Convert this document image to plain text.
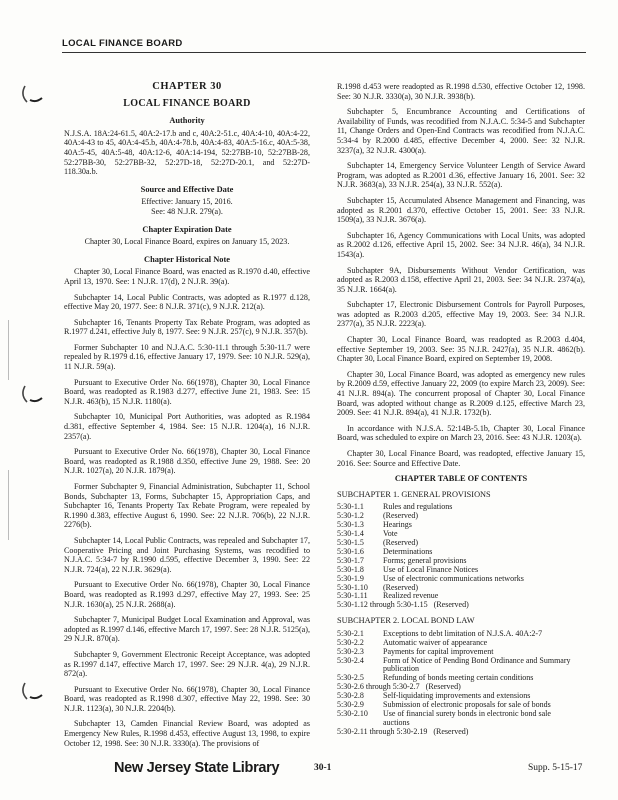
LOCAL FINANCE BOARD
CHAPTER 30
LOCAL FINANCE BOARD
Authority

N.J.S.A. 18A:24-61.5, 40A:2-17.b and c, 40A:2-51.c, 40A:4-10, 40A:4-22, 40A:4-43 to 45, 40A:4-45.b, 40A:4-78.b, 40A:4-83, 40A:5-16.c, 40A:5-38, 40A:5-45, 40A:5-48, 40A:12-6, 40A:14-194, 52:27BB-10, 52:27BB-28, 52:27BB-30, 52:27BB-32, 52:27D-18, 52:27D-20.1, and 52:27D-118.30a.b.

Source and Effective Date
Effective: January 15, 2016.
See: 48 N.J.R. 279(a).
Chapter Expiration Date
Chapter 30, Local Finance Board, expires on January 15, 2023.
Chapter Historical Note

Chapter 30, Local Finance Board, was enacted as R.1970 d.40, effective April 13, 1970. See: 1 N.J.R. 17(d), 2 N.J.R. 39(a).

Subchapter 14, Local Public Contracts, was adopted as R.1977 d.128, effective May 20, 1977. See: 8 N.J.R. 371(c), 9 N.J.R. 212(a).

Subchapter 16, Tenants Property Tax Rebate Program, was adopted as R.1977 d.241, effective July 8, 1977. See: 9 N.J.R. 257(c), 9 N.J.R. 357(b).

Former Subchapter 10 and N.J.A.C. 5:30-11.1 through 5:30-11.7 were repealed by R.1979 d.16, effective January 17, 1979. See: 10 N.J.R. 529(a), 11 N.J.R. 59(a).

Pursuant to Executive Order No. 66(1978), Chapter 30, Local Finance Board, was readopted as R.1983 d.277, effective June 21, 1983. See: 15 N.J.R. 463(b), 15 N.J.R. 1180(a).

Subchapter 10, Municipal Port Authorities, was adopted as R.1984 d.381, effective September 4, 1984. See: 15 N.J.R. 1204(a), 16 N.J.R. 2357(a).

Pursuant to Executive Order No. 66(1978), Chapter 30, Local Finance Board, was readopted as R.1988 d.350, effective June 29, 1988. See: 20 N.J.R. 1027(a), 20 N.J.R. 1879(a).

Former Subchapter 9, Financial Administration, Subchapter 11, School Bonds, Subchapter 13, Forms, Subchapter 15, Appropriation Caps, and Subchapter 16, Tenants Property Tax Rebate Program, were repealed by R.1990 d.383, effective August 6, 1990. See: 22 N.J.R. 706(b), 22 N.J.R. 2276(b).

Subchapter 14, Local Public Contracts, was repealed and Subchapter 17, Cooperative Pricing and Joint Purchasing Systems, was recodified to N.J.A.C. 5:34-7 by R.1990 d.595, effective December 3, 1990. See: 22 N.J.R. 724(a), 22 N.J.R. 3629(a).

Pursuant to Executive Order No. 66(1978), Chapter 30, Local Finance Board, was readopted as R.1993 d.297, effective May 27, 1993. See: 25 N.J.R. 1630(a), 25 N.J.R. 2688(a).

Subchapter 7, Municipal Budget Local Examination and Approval, was adopted as R.1997 d.146, effective March 17, 1997. See: 28 N.J.R. 5125(a), 29 N.J.R. 870(a).

Subchapter 9, Government Electronic Receipt Acceptance, was adopted as R.1997 d.147, effective March 17, 1997. See: 29 N.J.R. 4(a), 29 N.J.R. 872(a).

Pursuant to Executive Order No. 66(1978), Chapter 30, Local Finance Board, was readopted as R.1998 d.307, effective May 22, 1998. See: 30 N.J.R. 1123(a), 30 N.J.R. 2204(b).

Subchapter 13, Camden Financial Review Board, was adopted as Emergency New Rules, R.1998 d.453, effective August 13, 1998, to expire October 12, 1998. See: 30 N.J.R. 3330(a). The provisions of

R.1998 d.453 were readopted as R.1998 d.530, effective October 12, 1998. See: 30 N.J.R. 3330(a), 30 N.J.R. 3938(b).

Subchapter 5, Encumbrance Accounting and Certifications of Availability of Funds, was recodified from N.J.A.C. 5:34-5 and Subchapter 11, Change Orders and Open-End Contracts was recodified from N.J.A.C. 5:34-4 by R.2000 d.485, effective December 4, 2000. See: 32 N.J.R. 3237(a), 32 N.J.R. 4300(a).

Subchapter 14, Emergency Service Volunteer Length of Service Award Program, was adopted as R.2001 d.36, effective January 16, 2001. See: 32 N.J.R. 3683(a), 33 N.J.R. 254(a), 33 N.J.R. 552(a).

Subchapter 15, Accumulated Absence Management and Financing, was adopted as R.2001 d.370, effective October 15, 2001. See: 33 N.J.R. 1509(a), 33 N.J.R. 3676(a).

Subchapter 16, Agency Communications with Local Units, was adopted as R.2002 d.126, effective April 15, 2002. See: 34 N.J.R. 46(a), 34 N.J.R. 1543(a).

Subchapter 9A, Disbursements Without Vendor Certification, was adopted as R.2003 d.158, effective April 21, 2003. See: 34 N.J.R. 2374(a), 35 N.J.R. 1664(a).

Subchapter 17, Electronic Disbursement Controls for Payroll Purposes, was adopted as R.2003 d.205, effective May 19, 2003. See: 34 N.J.R. 2377(a), 35 N.J.R. 2223(a).

Chapter 30, Local Finance Board, was readopted as R.2003 d.404, effective September 19, 2003. See: 35 N.J.R. 2427(a), 35 N.J.R. 4862(b). Chapter 30, Local Finance Board, expired on September 19, 2008.

Chapter 30, Local Finance Board, was adopted as emergency new rules by R.2009 d.59, effective January 22, 2009 (to expire March 23, 2009). See: 41 N.J.R. 894(a). The concurrent proposal of Chapter 30, Local Finance Board, was adopted without change as R.2009 d.125, effective March 23, 2009. See: 41 N.J.R. 894(a), 41 N.J.R. 1732(b).

In accordance with N.J.S.A. 52:14B-5.1b, Chapter 30, Local Finance Board, was scheduled to expire on March 23, 2016. See: 43 N.J.R. 1203(a).

Chapter 30, Local Finance Board, was readopted, effective January 15, 2016. See: Source and Effective Date.

CHAPTER TABLE OF CONTENTS
SUBCHAPTER 1. GENERAL PROVISIONS
5:30-1.1	Rules and regulations
5:30-1.2	(Reserved)
5:30-1.3	Hearings
5:30-1.4	Vote
5:30-1.5	(Reserved)
5:30-1.6	Determinations
5:30-1.7	Forms; general provisions
5:30-1.8	Use of Local Finance Notices
5:30-1.9	Use of electronic communications networks
5:30-1.10	(Reserved)
5:30-1.11	Realized revenue
5:30-1.12 through 5:30-1.15 (Reserved)
SUBCHAPTER 2. LOCAL BOND LAW
5:30-2.1	Exceptions to debt limitation of N.J.S.A. 40A:2-7
5:30-2.2	Automatic waiver of appearance
5:30-2.3	Payments for capital improvement
5:30-2.4	Form of Notice of Pending Bond Ordinance and Summary publication
5:30-2.5	Refunding of bonds meeting certain conditions
5:30-2.6 through 5:30-2.7 (Reserved)
5:30-2.8	Self-liquidating improvements and extensions
5:30-2.9	Submission of electronic proposals for sale of bonds
5:30-2.10	Use of financial surety bonds in electronic bond sale auctions
5:30-2.11 through 5:30-2.19 (Reserved)
New Jersey State Library	30-1	Supp. 5-15-17
